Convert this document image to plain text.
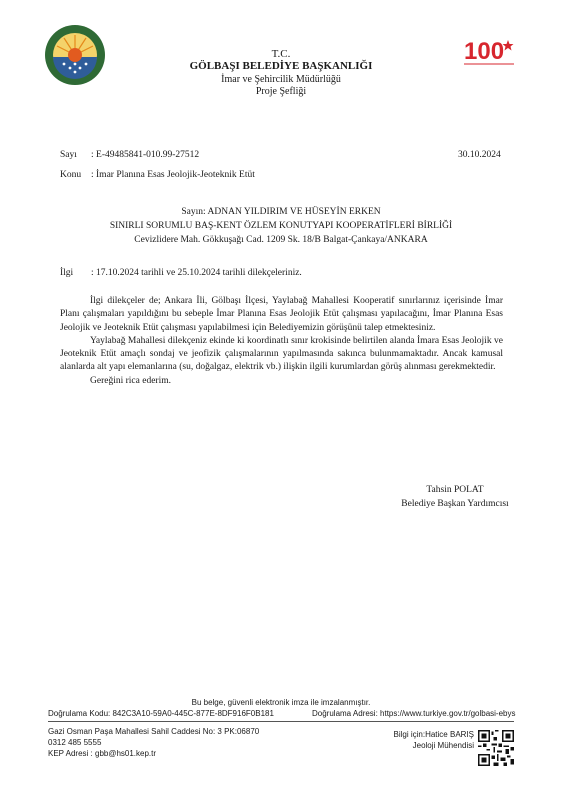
100
T.C.
GÖLBAŞI BELEDİYE BAŞKANLIĞI
İmar ve Şehircilik Müdürlüğü
Proje Şefliği
Sayı : E-49485841-010.99-27512	30.10.2024
Konu : İmar Planına Esas Jeolojik-Jeoteknik Etüt
Sayın: ADNAN YILDIRIM VE HÜSEYİN ERKEN
SINIRLI SORUMLU BAŞ-KENT ÖZLEM KONUTYAPI KOOPERATİFLERİ BİRLİĞİ
Cevizlidere Mah. Gökkuşağı Cad. 1209 Sk. 18/B Balgat-Çankaya/ANKARA
İlgi : 17.10.2024 tarihli ve 25.10.2024 tarihli dilekçeleriniz.

İlgi dilekçeler de; Ankara İli, Gölbaşı İlçesi, Yaylabağ Mahallesi Kooperatif sınırlarınız içerisinde İmar Planı çalışmaları yapıldığını bu sebeple İmar Planına Esas Jeolojik Etüt çalışması yapılacağını, İmar Planına Esas Jeolojik ve Jeoteknik Etüt çalışması yapılabilmesi için Belediyemizin görüşünü talep etmektesiniz.

Yaylabağ Mahallesi dilekçeniz ekinde ki koordinatlı sınır krokisinde belirtilen alanda İmara Esas Jeolojik ve Jeoteknik Etüt amaçlı sondaj ve jeofizik çalışmalarının yapılmasında sakınca bulunmamaktadır. Ancak kamusal alanlarda alt yapı elemanlarına (su, doğalgaz, elektrik vb.) ilişkin ilgili kurumlardan görüş alınması gerekmektedir.

Gereğini rica ederim.

Tahsin POLAT
Belediye Başkan Yardımcısı
Bu belge, güvenli elektronik imza ile imzalanmıştır.
Doğrulama Kodu: 842C3A10-59A0-445C-877E-8DF916F0B181	Doğrulama Adresi: https://www.turkiye.gov.tr/golbasi-ebys
Gazi Osman Paşa Mahallesi Sahil Caddesi No: 3 PK:06870
0312 485 5555
KEP Adresi : gbb@hs01.kep.tr
Bilgi için:Hatice BARIŞ
Jeoloji Mühendisi
